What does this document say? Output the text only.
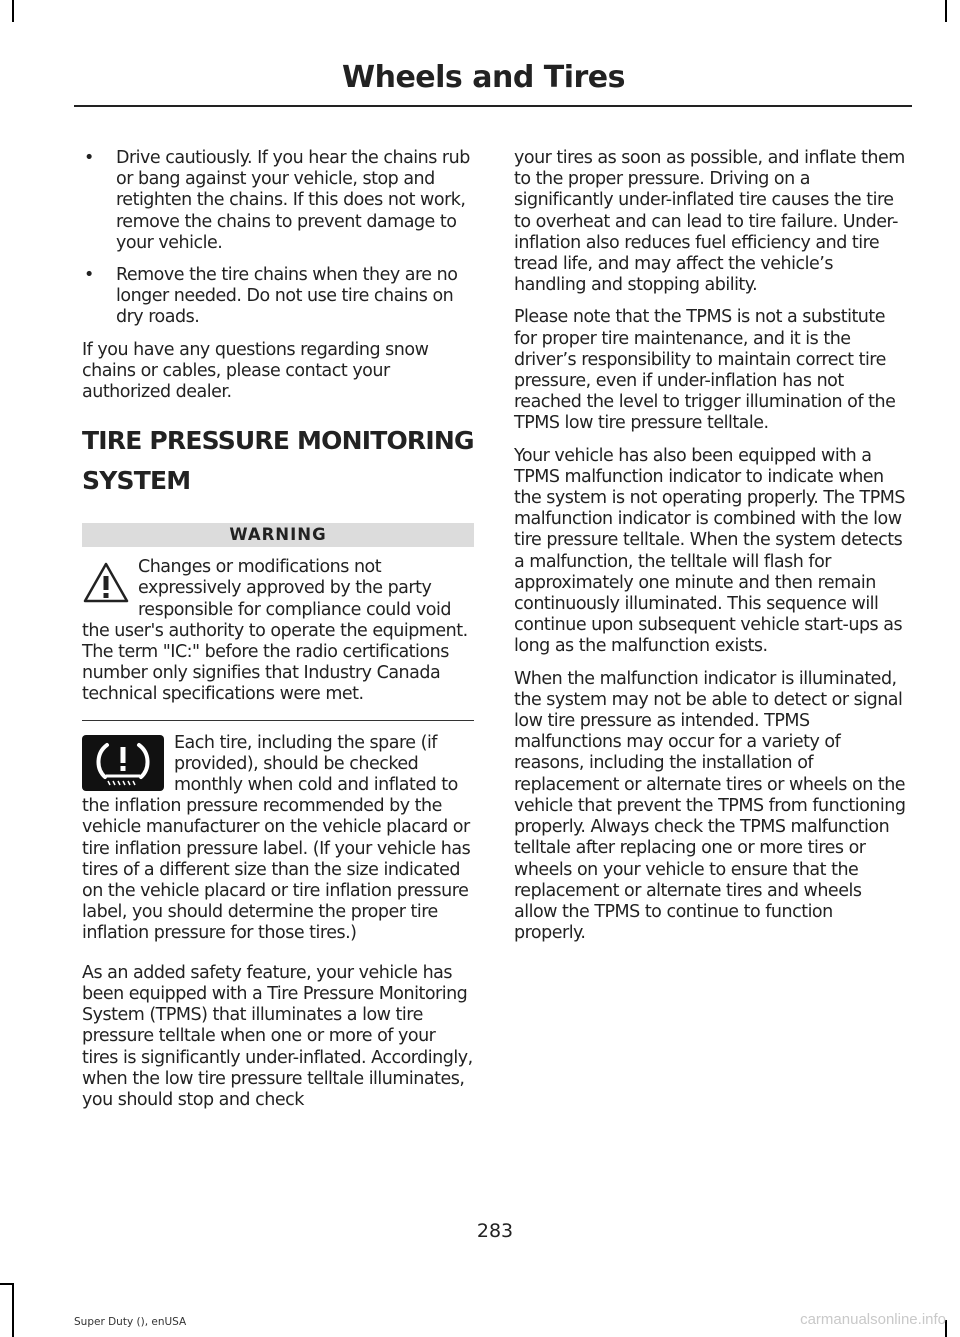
Wheels and Tires
• Drive cautiously. If you hear the chains rub or bang against your vehicle, stop and retighten the chains. If this does not work, remove the chains to prevent damage to your vehicle.
• Remove the tire chains when they are no longer needed. Do not use tire chains on dry roads.

If you have any questions regarding snow chains or cables, please contact your authorized dealer.

TIRE PRESSURE MONITORING SYSTEM
WARNING
Changes or modifications not expressively approved by the party responsible for compliance could void the user's authority to operate the equipment. The term "IC:" before the radio certifications number only signifies that Industry Canada technical specifications were met.
Each tire, including the spare (if provided), should be checked monthly when cold and inflated to the inflation pressure recommended by the vehicle manufacturer on the vehicle placard or tire inflation pressure label. (If your vehicle has tires of a different size than the size indicated on the vehicle placard or tire inflation pressure label, you should determine the proper tire inflation pressure for those tires.)

As an added safety feature, your vehicle has been equipped with a Tire Pressure Monitoring System (TPMS) that illuminates a low tire pressure telltale when one or more of your tires is significantly under-inflated. Accordingly, when the low tire pressure telltale illuminates, you should stop and check

your tires as soon as possible, and inflate them to the proper pressure. Driving on a significantly under-inflated tire causes the tire to overheat and can lead to tire failure. Under-inflation also reduces fuel efficiency and tire tread life, and may affect the vehicle’s handling and stopping ability.

Please note that the TPMS is not a substitute for proper tire maintenance, and it is the driver’s responsibility to maintain correct tire pressure, even if under-inflation has not reached the level to trigger illumination of the TPMS low tire pressure telltale.

Your vehicle has also been equipped with a TPMS malfunction indicator to indicate when the system is not operating properly. The TPMS malfunction indicator is combined with the low tire pressure telltale. When the system detects a malfunction, the telltale will flash for approximately one minute and then remain continuously illuminated. This sequence will continue upon subsequent vehicle start-ups as long as the malfunction exists.

When the malfunction indicator is illuminated, the system may not be able to detect or signal low tire pressure as intended. TPMS malfunctions may occur for a variety of reasons, including the installation of replacement or alternate tires or wheels on the vehicle that prevent the TPMS from functioning properly. Always check the TPMS malfunction telltale after replacing one or more tires or wheels on your vehicle to ensure that the replacement or alternate tires and wheels allow the TPMS to continue to function properly.

283
Super Duty (), enUSA	carmanualsonline.info
